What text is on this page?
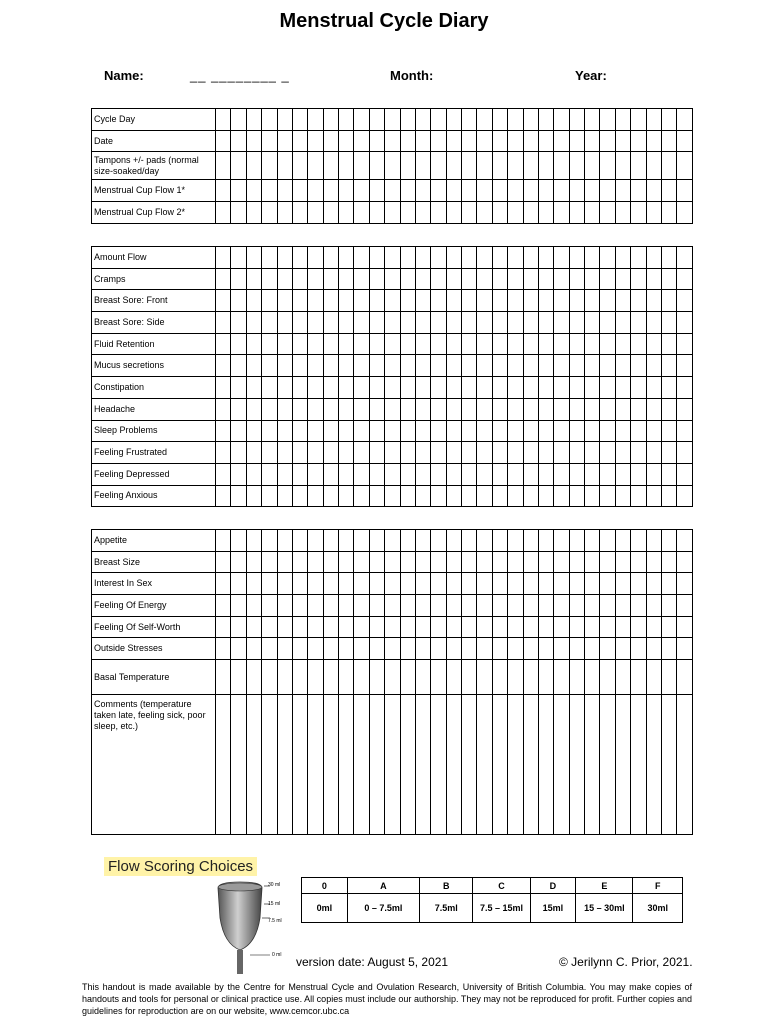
Menstrual Cycle Diary
Name:	__ ________ _	Month:	Year:
Cycle Day																															
Date																															
Tampons +/- pads (normal size-soaked/day																															
Menstrual Cup Flow 1*																															
Menstrual Cup Flow 2*																															
Amount Flow																															
Cramps																															
Breast Sore: Front																															
Breast Sore: Side																															
Fluid Retention																															
Mucus secretions																															
Constipation																															
Headache																															
Sleep Problems																															
Feeling Frustrated																															
Feeling Depressed																															
Feeling Anxious																															
Appetite																															
Breast Size																															
Interest In Sex																															
Feeling Of Energy																															
Feeling Of Self-Worth																															
Outside Stresses																															
Basal Temperature																															
Comments (temperature taken late, feeling sick, poor sleep, etc.)																															
Flow Scoring Choices
30 ml
15 ml
7.5 ml
0 ml
0	A	B	C	D	E	F
0ml	0 – 7.5ml	7.5ml	7.5 – 15ml	15ml	15 – 30ml	30ml
version date: August 5, 2021	© Jerilynn C. Prior, 2021.
This handout is made available by the Centre for Menstrual Cycle and Ovulation Research, University of British Columbia. You may make copies of handouts and tools for personal or clinical practice use. All copies must include our authorship. They may not be reproduced for profit. Further copies and guidelines for reproduction are on our website, www.cemcor.ubc.ca
